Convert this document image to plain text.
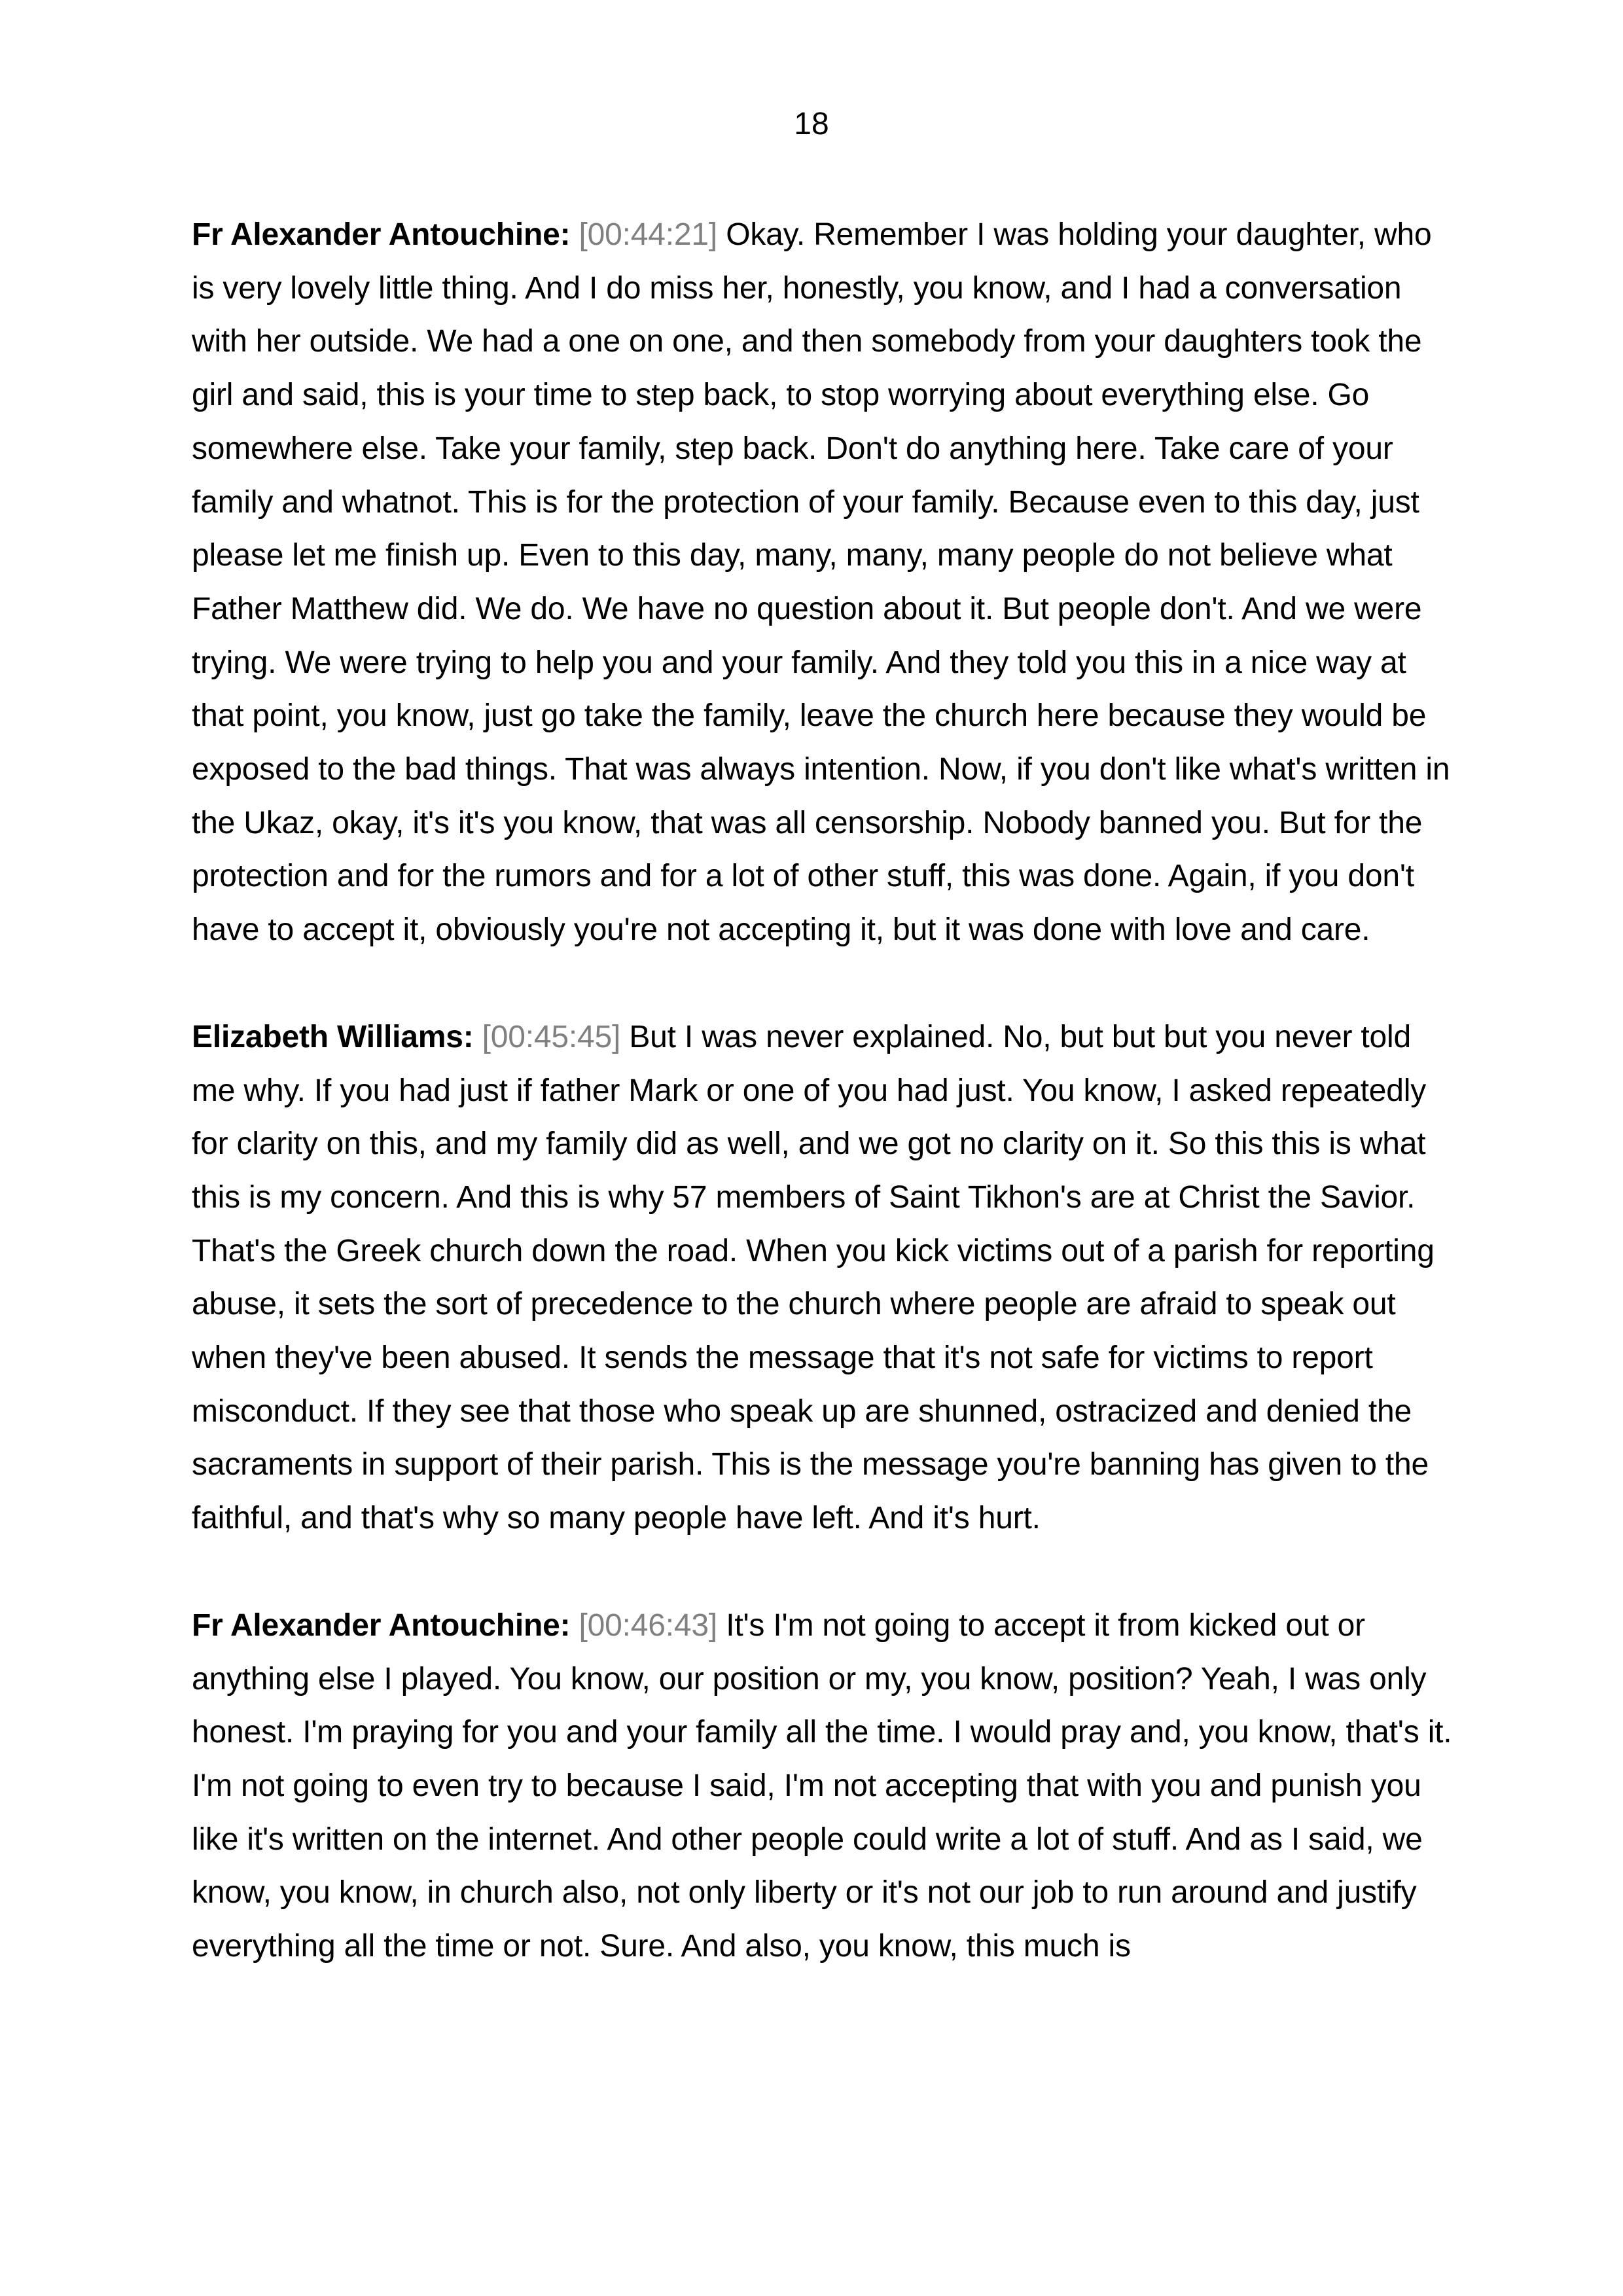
18

Fr Alexander Antouchine: [00:44:21] Okay. Remember I was holding your daughter, who is very lovely little thing. And I do miss her, honestly, you know, and I had a conversation with her outside. We had a one on one, and then somebody from your daughters took the girl and said, this is your time to step back, to stop worrying about everything else. Go somewhere else. Take your family, step back. Don't do anything here. Take care of your family and whatnot. This is for the protection of your family. Because even to this day, just please let me finish up. Even to this day, many, many, many people do not believe what Father Matthew did. We do. We have no question about it. But people don't. And we were trying. We were trying to help you and your family. And they told you this in a nice way at that point, you know, just go take the family, leave the church here because they would be exposed to the bad things. That was always intention. Now, if you don't like what's written in the Ukaz, okay, it's it's you know, that was all censorship. Nobody banned you. But for the protection and for the rumors and for a lot of other stuff, this was done. Again, if you don't have to accept it, obviously you're not accepting it, but it was done with love and care.

Elizabeth Williams: [00:45:45] But I was never explained. No, but but but you never told me why. If you had just if father Mark or one of you had just. You know, I asked repeatedly for clarity on this, and my family did as well, and we got no clarity on it. So this this is what this is my concern. And this is why 57 members of Saint Tikhon's are at Christ the Savior. That's the Greek church down the road. When you kick victims out of a parish for reporting abuse, it sets the sort of precedence to the church where people are afraid to speak out when they've been abused. It sends the message that it's not safe for victims to report misconduct. If they see that those who speak up are shunned, ostracized and denied the sacraments in support of their parish. This is the message you're banning has given to the faithful, and that's why so many people have left. And it's hurt.

Fr Alexander Antouchine: [00:46:43] It's I'm not going to accept it from kicked out or anything else I played. You know, our position or my, you know, position? Yeah, I was only honest. I'm praying for you and your family all the time. I would pray and, you know, that's it. I'm not going to even try to because I said, I'm not accepting that with you and punish you like it's written on the internet. And other people could write a lot of stuff. And as I said, we know, you know, in church also, not only liberty or it's not our job to run around and justify everything all the time or not. Sure. And also, you know, this much is
